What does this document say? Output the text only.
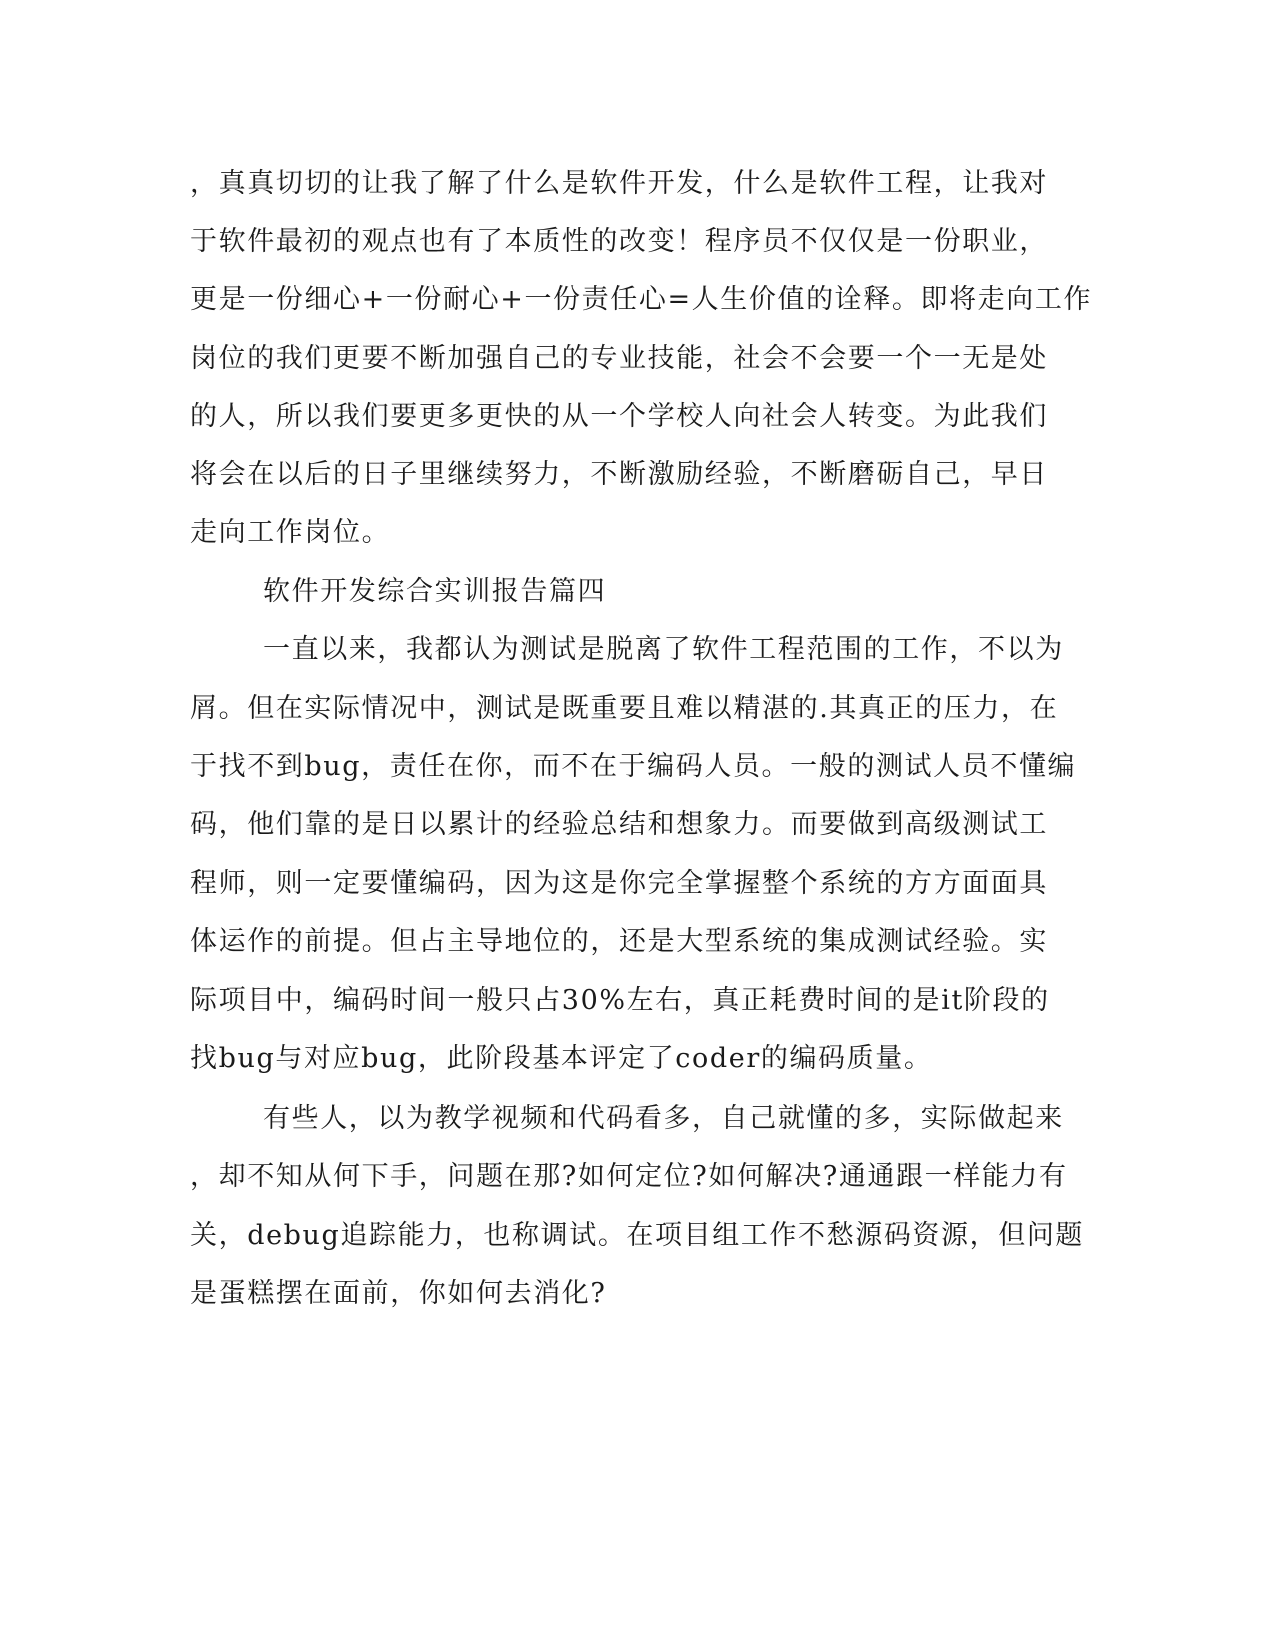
，真真切切的让我了解了什么是软件开发，什么是软件工程，让我对
于软件最初的观点也有了本质性的改变！程序员不仅仅是一份职业，
更是一份细心+一份耐心+一份责任心=人生价值的诠释。即将走向工作
岗位的我们更要不断加强自己的专业技能，社会不会要一个一无是处
的人，所以我们要更多更快的从一个学校人向社会人转变。为此我们
将会在以后的日子里继续努力，不断激励经验，不断磨砺自己，早日
走向工作岗位。
软件开发综合实训报告篇四
一直以来，我都认为测试是脱离了软件工程范围的工作，不以为
屑。但在实际情况中，测试是既重要且难以精湛的.其真正的压力，在
于找不到bug，责任在你，而不在于编码人员。一般的测试人员不懂编
码，他们靠的是日以累计的经验总结和想象力。而要做到高级测试工
程师，则一定要懂编码，因为这是你完全掌握整个系统的方方面面具
体运作的前提。但占主导地位的，还是大型系统的集成测试经验。实
际项目中，编码时间一般只占30%左右，真正耗费时间的是it阶段的
找bug与对应bug，此阶段基本评定了coder的编码质量。
有些人，以为教学视频和代码看多，自己就懂的多，实际做起来
，却不知从何下手，问题在那?如何定位?如何解决?通通跟一样能力有
关，debug追踪能力，也称调试。在项目组工作不愁源码资源，但问题
是蛋糕摆在面前，你如何去消化?
